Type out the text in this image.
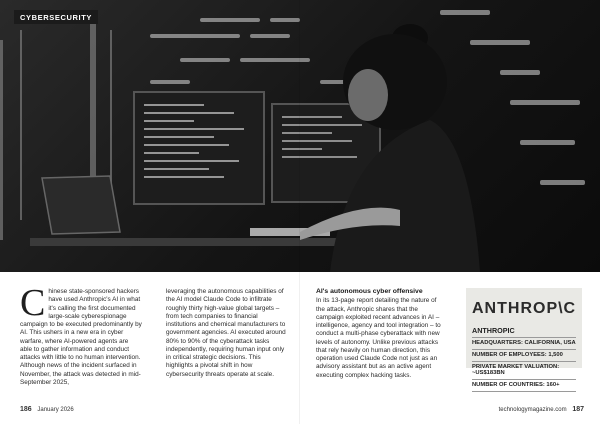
CYBERSECURITY
Chinese state-sponsored hackers have used Anthropic's AI in what it's calling the first documented large-scale cyberespionage campaign to be executed predominantly by AI. This ushers in a new era in cyber warfare, where AI-powered agents are able to gather information and conduct attacks with little to no human intervention.
Although news of the incident surfaced in November, the attack was detected in mid-September 2025,
leveraging the autonomous capabilities of the AI model Claude Code to infiltrate roughly thirty high-value global targets – from tech companies to financial institutions and chemical manufacturers to government agencies. AI executed around 80% to 90% of the cyberattack tasks independently, requiring human input only in critical strategic decisions. This highlights a pivotal shift in how cybersecurity threats operate at scale.
AI's autonomous cyber offensive
In its 13-page report detailing the nature of the attack, Anthropic shares that the campaign exploited recent advances in AI – intelligence, agency and tool integration – to conduct a multi-phase cyberattack with new levels of autonomy. Unlike previous attacks that rely heavily on human direction, this operation used Claude Code not just as an advisory assistant but as an active agent executing complex hacking tasks.
ANTHROP\C
ANTHROPIC
HEADQUARTERS: CALIFORNIA, USA
NUMBER OF EMPLOYEES: 1,500
PRIVATE MARKET VALUATION: ~US$183BN
NUMBER OF COUNTRIES: 160+
186 January 2026	technologymagazine.com 187
